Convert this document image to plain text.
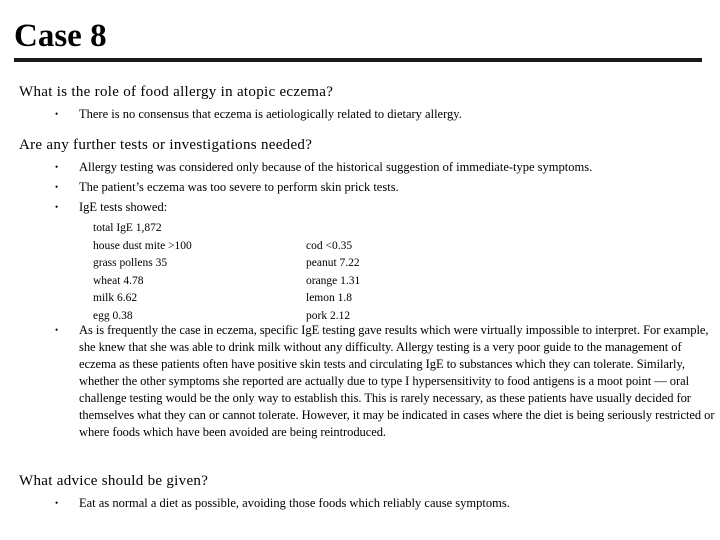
Case 8
What is the role of food allergy in atopic eczema?
• There is no consensus that eczema is aetiologically related to dietary allergy.
Are any further tests or investigations needed?
• Allergy testing was considered only because of the historical suggestion of immediate-type symptoms.
• The patient’s eczema was too severe to perform skin prick tests.
• IgE tests showed:
total IgE 1,872
house dust mite >100	cod <0.35
grass pollens 35	peanut 7.22
wheat 4.78	orange 1.31
milk 6.62	lemon 1.8
egg 0.38	pork 2.12
• As is frequently the case in eczema, specific IgE testing gave results which were virtually impossible to interpret. For example, she knew that she was able to drink milk without any difficulty. Allergy testing is a very poor guide to the management of eczema as these patients often have positive skin tests and circulating IgE to substances which they can tolerate. Similarly, whether the other symptoms she reported are actually due to type I hypersensitivity to food antigens is a moot point — oral challenge testing would be the only way to establish this. This is rarely necessary, as these patients have usually decided for themselves what they can or cannot tolerate. However, it may be indicated in cases where the diet is being seriously restricted or where foods which have been avoided are being reintroduced.
What advice should be given?
• Eat as normal a diet as possible, avoiding those foods which reliably cause symptoms.
